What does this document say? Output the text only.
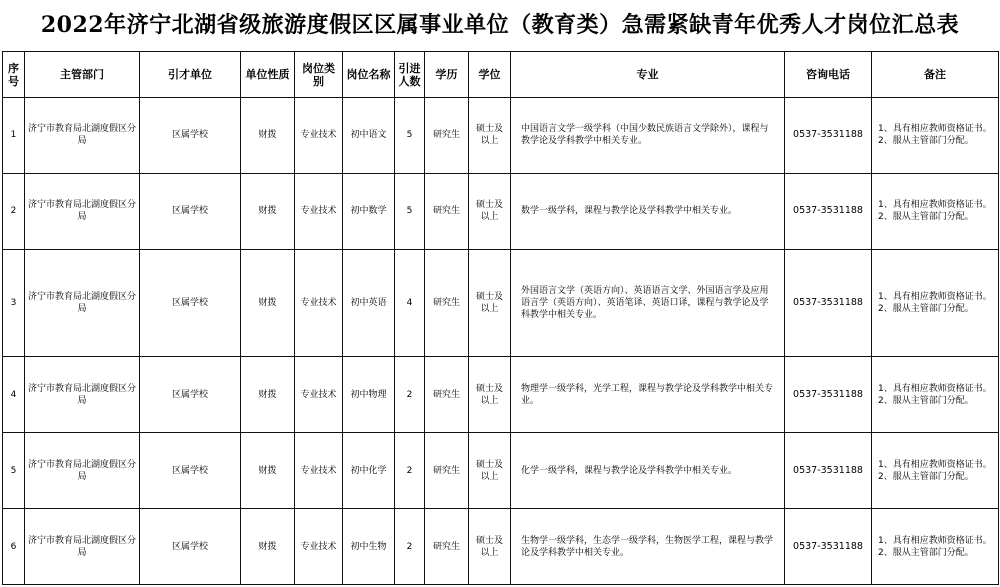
2022年济宁北湖省级旅游度假区区属事业单位（教育类）急需紧缺青年优秀人才岗位汇总表
序号	主管部门	引才单位	单位性质	岗位类别	岗位名称	引进人数	学历	学位	专业	咨询电话	备注
1	济宁市教育局北湖度假区分局	区属学校	财拨	专业技术	初中语文	5	研究生	硕士及以上	中国语言文学一级学科（中国少数民族语言文学除外），课程与教学论及学科教学中相关专业。	0537-3531188	1、具有相应教师资格证书。
2、服从主管部门分配。

2	济宁市教育局北湖度假区分局	区属学校	财拨	专业技术	初中数学	5	研究生	硕士及以上	数学一级学科，课程与教学论及学科教学中相关专业。	0537-3531188	1、具有相应教师资格证书。
2、服从主管部门分配。

3	济宁市教育局北湖度假区分局	区属学校	财拨	专业技术	初中英语	4	研究生	硕士及以上	外国语言文学（英语方向）、英语语言文学、外国语言学及应用语言学（英语方向）、英语笔译、英语口译，课程与教学论及学科教学中相关专业。	0537-3531188	1、具有相应教师资格证书。
2、服从主管部门分配。

4	济宁市教育局北湖度假区分局	区属学校	财拨	专业技术	初中物理	2	研究生	硕士及以上	物理学一级学科，光学工程，课程与教学论及学科教学中相关专业。	0537-3531188	1、具有相应教师资格证书。
2、服从主管部门分配。

5	济宁市教育局北湖度假区分局	区属学校	财拨	专业技术	初中化学	2	研究生	硕士及以上	化学一级学科，课程与教学论及学科教学中相关专业。	0537-3531188	1、具有相应教师资格证书。
2、服从主管部门分配。

6	济宁市教育局北湖度假区分局	区属学校	财拨	专业技术	初中生物	2	研究生	硕士及以上	生物学一级学科，生态学一级学科，生物医学工程，课程与教学论及学科教学中相关专业。	0537-3531188	1、具有相应教师资格证书。
2、服从主管部门分配。
